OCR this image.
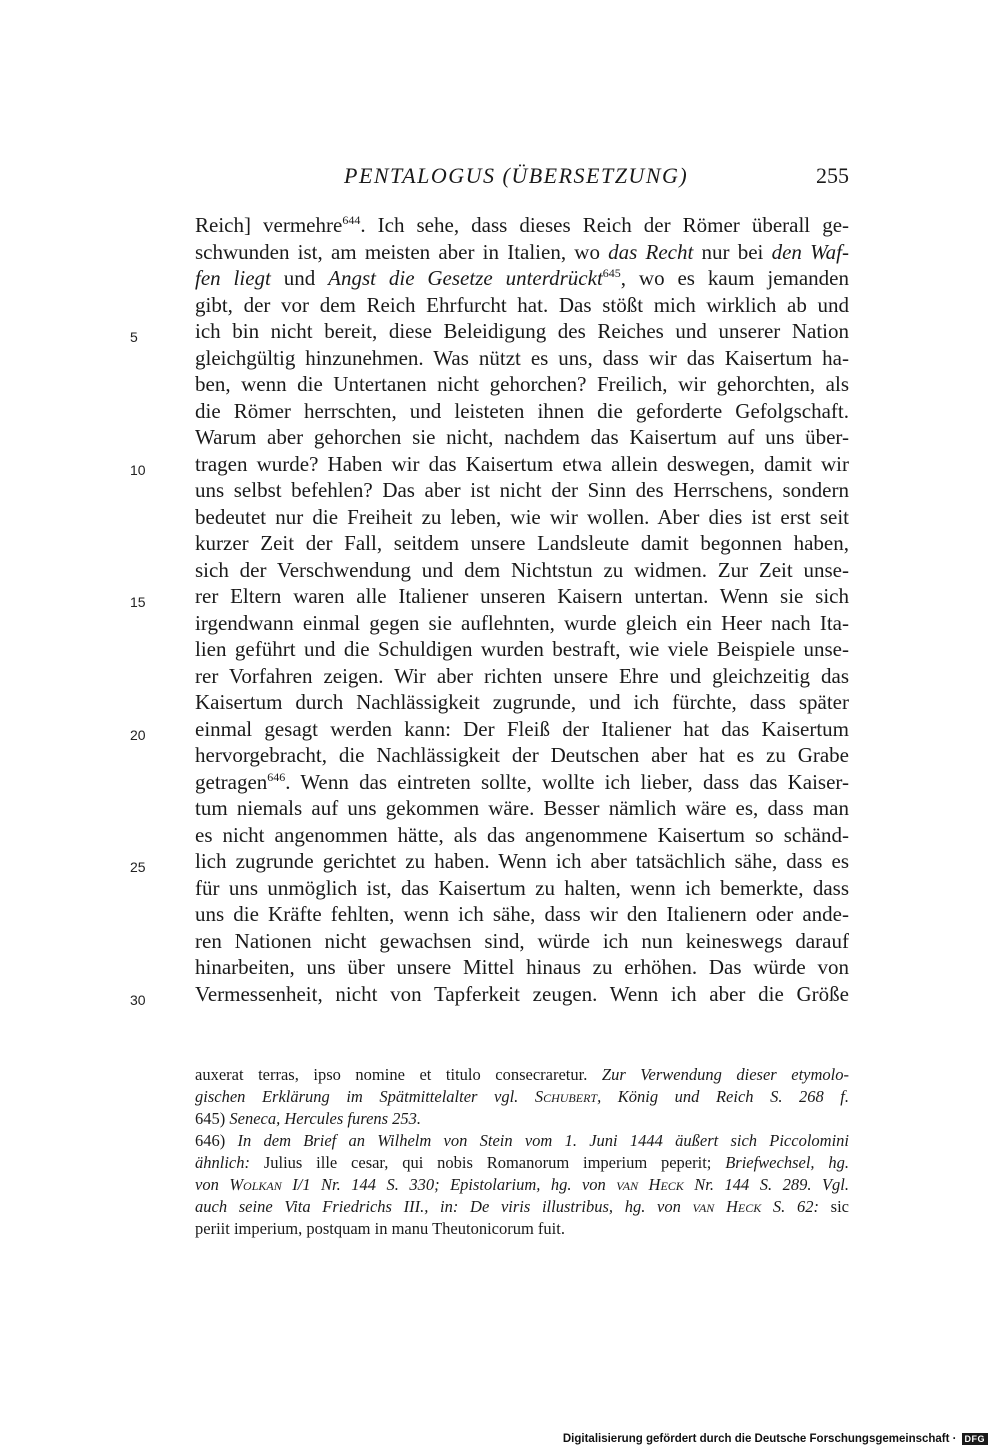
PENTALOGUS (ÜBERSETZUNG)	255
Reich] vermehre$^{644}$. Ich sehe, dass dieses Reich der Römer überall ge-
schwunden ist, am meisten aber in Italien, wo das Recht nur bei den Waf-
fen liegt und Angst die Gesetze unterdrückt$^{645}$, wo es kaum jemanden
gibt, der vor dem Reich Ehrfurcht hat. Das stößt mich wirklich ab und
5	ich bin nicht bereit, diese Beleidigung des Reiches und unserer Nation
gleichgültig hinzunehmen. Was nützt es uns, dass wir das Kaisertum ha-
ben, wenn die Untertanen nicht gehorchen? Freilich, wir gehorchten, als
die Römer herrschten, und leisteten ihnen die geforderte Gefolgschaft.
Warum aber gehorchen sie nicht, nachdem das Kaisertum auf uns über-
10	tragen wurde? Haben wir das Kaisertum etwa allein deswegen, damit wir
uns selbst befehlen? Das aber ist nicht der Sinn des Herrschens, sondern
bedeutet nur die Freiheit zu leben, wie wir wollen. Aber dies ist erst seit
kurzer Zeit der Fall, seitdem unsere Landsleute damit begonnen haben,
sich der Verschwendung und dem Nichtstun zu widmen. Zur Zeit unse-
15	rer Eltern waren alle Italiener unseren Kaisern untertan. Wenn sie sich
irgendwann einmal gegen sie auflehnten, wurde gleich ein Heer nach Ita-
lien geführt und die Schuldigen wurden bestraft, wie viele Beispiele unse-
rer Vorfahren zeigen. Wir aber richten unsere Ehre und gleichzeitig das
Kaisertum durch Nachlässigkeit zugrunde, und ich fürchte, dass später
20	einmal gesagt werden kann: Der Fleiß der Italiener hat das Kaisertum
hervorgebracht, die Nachlässigkeit der Deutschen aber hat es zu Grabe
getragen$^{646}$. Wenn das eintreten sollte, wollte ich lieber, dass das Kaiser-
tum niemals auf uns gekommen wäre. Besser nämlich wäre es, dass man
es nicht angenommen hätte, als das angenommene Kaisertum so schänd-
25	lich zugrunde gerichtet zu haben. Wenn ich aber tatsächlich sähe, dass es
für uns unmöglich ist, das Kaisertum zu halten, wenn ich bemerkte, dass
uns die Kräfte fehlten, wenn ich sähe, dass wir den Italienern oder ande-
ren Nationen nicht gewachsen sind, würde ich nun keineswegs darauf
hinarbeiten, uns über unsere Mittel hinaus zu erhöhen. Das würde von
30	Vermessenheit, nicht von Tapferkeit zeugen. Wenn ich aber die Größe
auxerat terras, ipso nomine et titulo consecraretur. Zur Verwendung dieser etymolo-
gischen Erklärung im Spätmittelalter vgl. Schubert, König und Reich S. 268 f.
645) Seneca, Hercules furens 253.
646) In dem Brief an Wilhelm von Stein vom 1. Juni 1444 äußert sich Piccolomini
ähnlich: Julius ille cesar, qui nobis Romanorum imperium peperit; Briefwechsel, hg.
von Wolkan I/1 Nr. 144 S. 330; Epistolarium, hg. von van Heck Nr. 144 S. 289. Vgl.
auch seine Vita Friedrichs III., in: De viris illustribus, hg. von van Heck S. 62: sic
periit imperium, postquam in manu Theutonicorum fuit.
Digitalisierung gefördert durch die Deutsche Forschungsgemeinschaft · DFG
